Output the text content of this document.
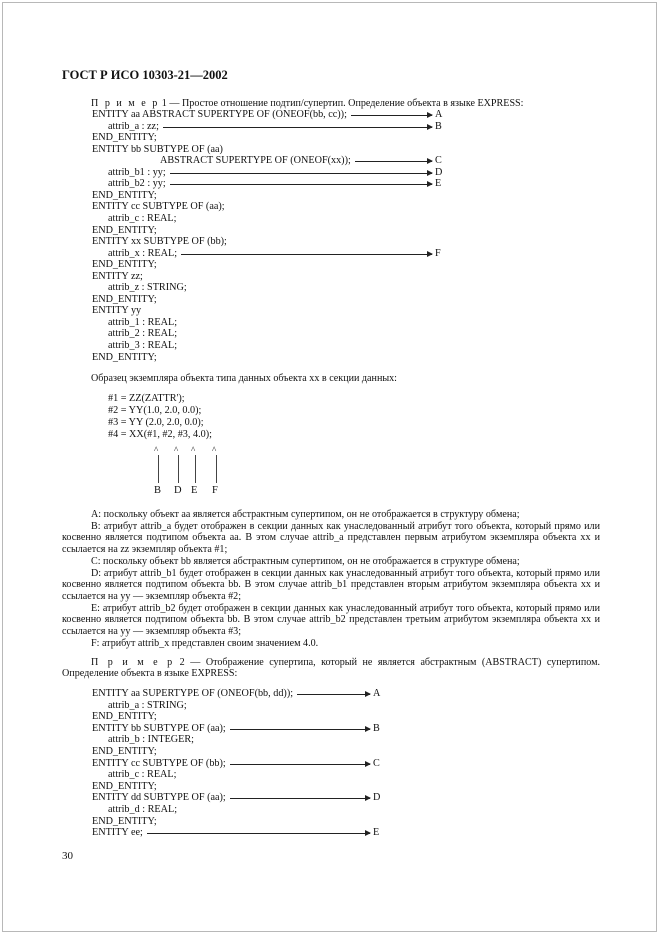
ГОСТ Р ИСО 10303-21—2002
П р и м е р 1 — Простое отношение подтип/супертип. Определение объекта в языке EXPRESS:
ENTITY aa ABSTRACT SUPERTYPE OF (ONEOF(bb, cc));	A
attrib_a : zz;	B
END_ENTITY;
ENTITY bb SUBTYPE OF (aa)
ABSTRACT SUPERTYPE OF (ONEOF(xx));	C
attrib_b1 : yy;	D
attrib_b2 : yy;	E
END_ENTITY;
ENTITY cc SUBTYPE OF (aa);
attrib_c : REAL;
END_ENTITY;
ENTITY xx SUBTYPE OF (bb);
attrib_x : REAL;	F
END_ENTITY;
ENTITY zz;
attrib_z : STRING;
END_ENTITY;
ENTITY yy
attrib_1 : REAL;
attrib_2 : REAL;
attrib_3 : REAL;
END_ENTITY;
Образец экземпляра объекта типа данных объекта xx в секции данных:
#1 = ZZ(ZATTR');
#2 = YY(1.0, 2.0, 0.0);
#3 = YY (2.0, 2.0, 0.0);
#4 = XX(#1, #2, #3, 4.0);
^
B
^
D
^
E
^
F
A: поскольку объект aa является абстрактным супертипом, он не отображается в структуру обмена;
B: атрибут attrib_a будет отображен в секции данных как унаследованный атрибут того объекта, который прямо или косвенно является подтипом объекта aa. В этом случае attrib_a представлен первым атрибутом экземпляра объекта xx и ссылается на zz экземпляр объекта #1;
C: поскольку объект bb является абстрактным супертипом, он не отображается в структуре обмена;
D: атрибут attrib_b1 будет отображен в секции данных как унаследованный атрибут того объекта, который прямо или косвенно является подтипом объекта bb. В этом случае attrib_b1 представлен вторым атрибутом экземпляра объекта xx и ссылается на yy — экземпляр объекта #2;
E: атрибут attrib_b2 будет отображен в секции данных как унаследованный атрибут того объекта, который прямо или косвенно является подтипом объекта bb. В этом случае attrib_b2 представлен третьим атрибутом экземпляра объекта xx и ссылается на yy — экземпляр объекта #3;
F: атрибут attrib_x представлен своим значением 4.0.
П р и м е р 2 — Отображение супертипа, который не является абстрактным (ABSTRACT) супертипом. Определение объекта в языке EXPRESS:
ENTITY aa SUPERTYPE OF (ONEOF(bb, dd));	A
attrib_a : STRING;
END_ENTITY;
ENTITY bb SUBTYPE OF (aa);	B
attrib_b : INTEGER;
END_ENTITY;
ENTITY cc SUBTYPE OF (bb);	C
attrib_c : REAL;
END_ENTITY;
ENTITY dd SUBTYPE OF (aa);	D
attrib_d : REAL;
END_ENTITY;
ENTITY ee;	E
30
